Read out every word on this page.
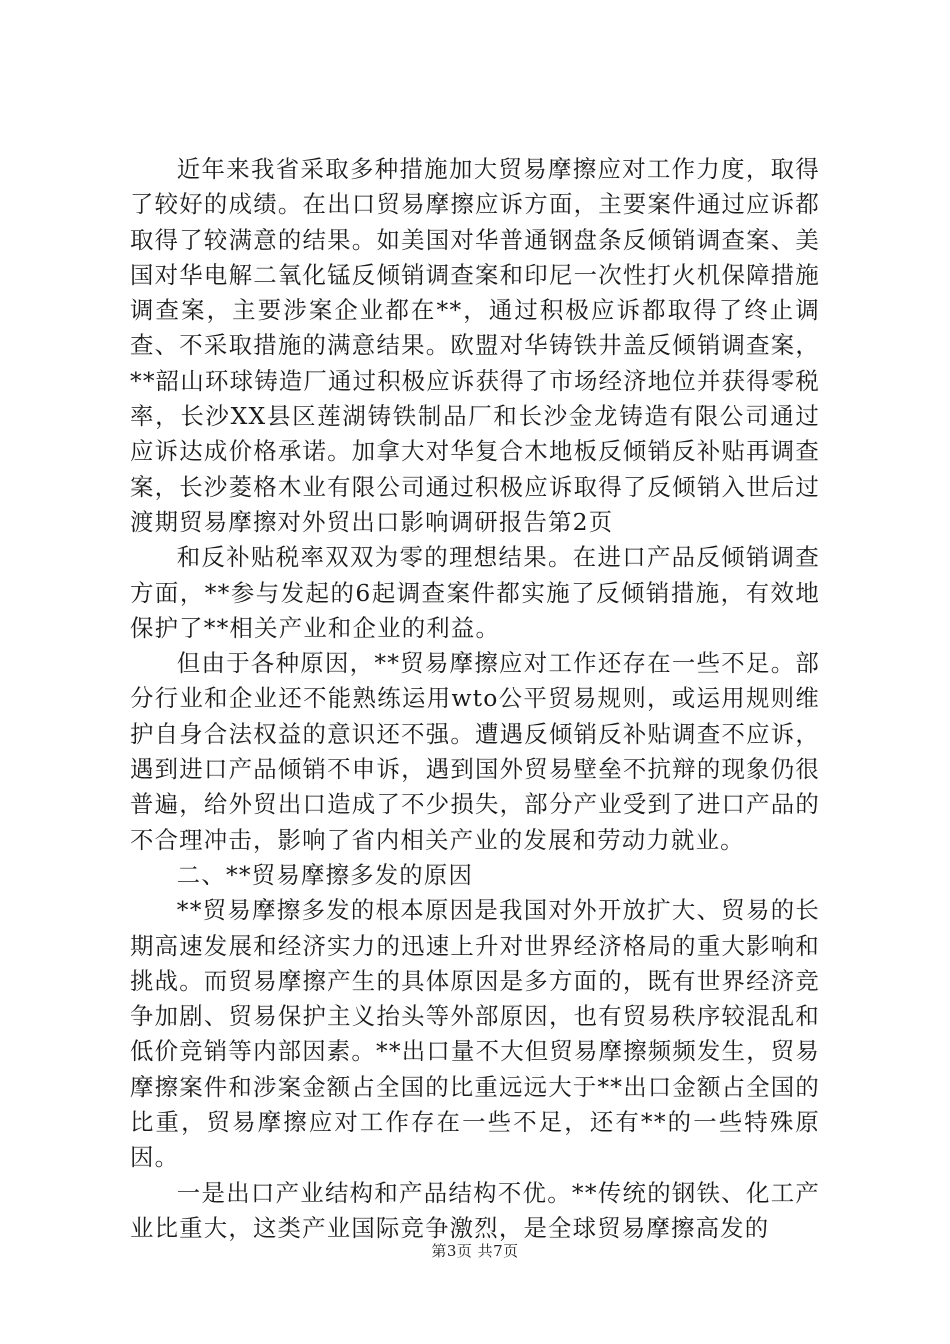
近年来我省采取多种措施加大贸易摩擦应对工作力度，取得了较好的成绩。在出口贸易摩擦应诉方面，主要案件通过应诉都取得了较满意的结果。如美国对华普通钢盘条反倾销调查案、美国对华电解二氧化锰反倾销调查案和印尼一次性打火机保障措施调查案，主要涉案企业都在**，通过积极应诉都取得了终止调查、不采取措施的满意结果。欧盟对华铸铁井盖反倾销调查案，**韶山环球铸造厂通过积极应诉获得了市场经济地位并获得零税率，长沙XX县区莲湖铸铁制品厂和长沙金龙铸造有限公司通过应诉达成价格承诺。加拿大对华复合木地板反倾销反补贴再调查案，长沙菱格木业有限公司通过积极应诉取得了反倾销入世后过渡期贸易摩擦对外贸出口影响调研报告第2页

和反补贴税率双双为零的理想结果。在进口产品反倾销调查方面，**参与发起的6起调查案件都实施了反倾销措施，有效地保护了**相关产业和企业的利益。

但由于各种原因，**贸易摩擦应对工作还存在一些不足。部分行业和企业还不能熟练运用wto公平贸易规则，或运用规则维护自身合法权益的意识还不强。遭遇反倾销反补贴调查不应诉，遇到进口产品倾销不申诉，遇到国外贸易壁垒不抗辩的现象仍很普遍，给外贸出口造成了不少损失，部分产业受到了进口产品的不合理冲击，影响了省内相关产业的发展和劳动力就业。

二、**贸易摩擦多发的原因

**贸易摩擦多发的根本原因是我国对外开放扩大、贸易的长期高速发展和经济实力的迅速上升对世界经济格局的重大影响和挑战。而贸易摩擦产生的具体原因是多方面的，既有世界经济竞争加剧、贸易保护主义抬头等外部原因，也有贸易秩序较混乱和低价竞销等内部因素。**出口量不大但贸易摩擦频频发生，贸易摩擦案件和涉案金额占全国的比重远远大于**出口金额占全国的比重，贸易摩擦应对工作存在一些不足，还有**的一些特殊原因。

一是出口产业结构和产品结构不优。**传统的钢铁、化工产业比重大，这类产业国际竞争激烈，是全球贸易摩擦高发的

第3页 共7页
